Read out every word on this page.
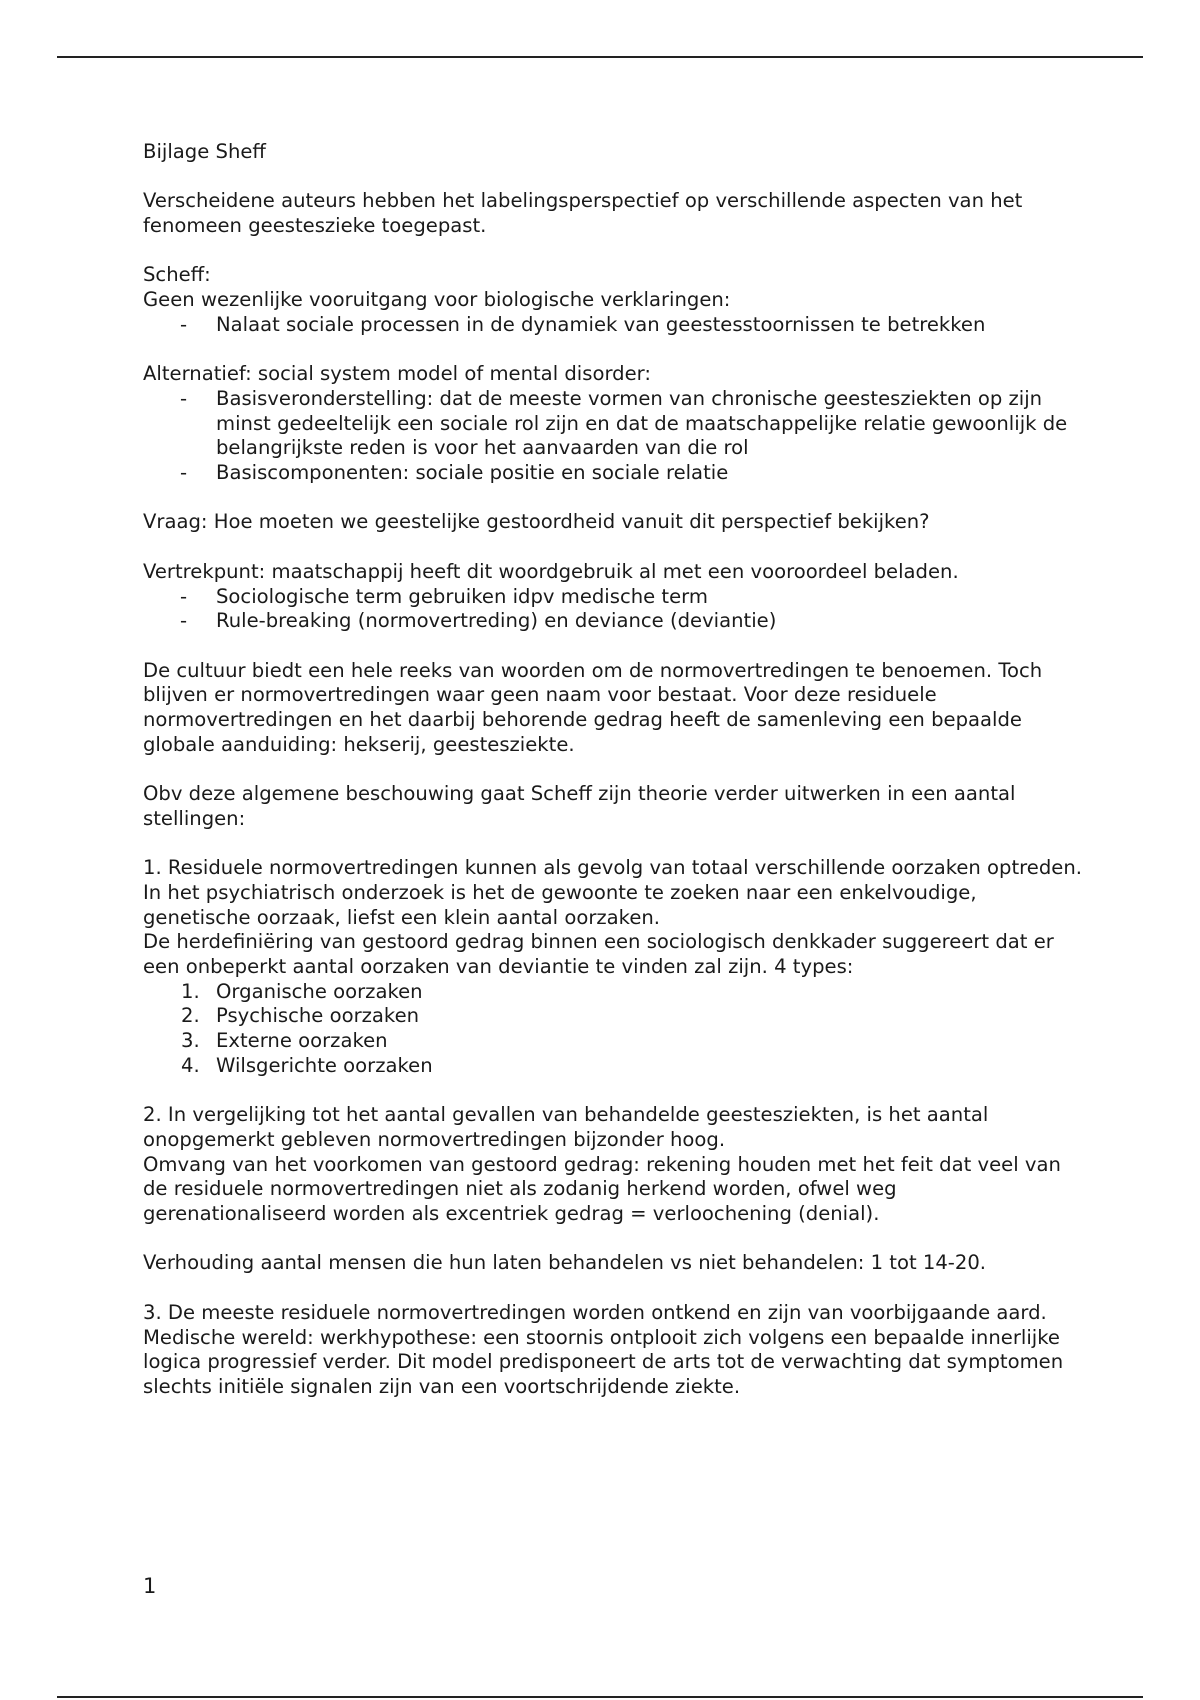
Bijlage Sheff

Verscheidene auteurs hebben het labelingsperspectief op verschillende aspecten van het fenomeen geesteszieke toegepast.

Scheff:

Geen wezenlijke vooruitgang voor biologische verklaringen:

- Nalaat sociale processen in de dynamiek van geestesstoornissen te betrekken

Alternatief: social system model of mental disorder:

- Basisveronderstelling: dat de meeste vormen van chronische geestesziekten op zijn minst gedeeltelijk een sociale rol zijn en dat de maatschappelijke relatie gewoonlijk de belangrijkste reden is voor het aanvaarden van die rol
- Basiscomponenten: sociale positie en sociale relatie

Vraag: Hoe moeten we geestelijke gestoordheid vanuit dit perspectief bekijken?

Vertrekpunt: maatschappij heeft dit woordgebruik al met een vooroordeel beladen.

- Sociologische term gebruiken idpv medische term
- Rule-breaking (normovertreding) en deviance (deviantie)

De cultuur biedt een hele reeks van woorden om de normovertredingen te benoemen. Toch blijven er normovertredingen waar geen naam voor bestaat. Voor deze residuele normovertredingen en het daarbij behorende gedrag heeft de samenleving een bepaalde globale aanduiding: hekserij, geestesziekte.

Obv deze algemene beschouwing gaat Scheff zijn theorie verder uitwerken in een aantal stellingen:

1. Residuele normovertredingen kunnen als gevolg van totaal verschillende oorzaken optreden.

In het psychiatrisch onderzoek is het de gewoonte te zoeken naar een enkelvoudige, genetische oorzaak, liefst een klein aantal oorzaken.

De herdefiniëring van gestoord gedrag binnen een sociologisch denkkader suggereert dat er een onbeperkt aantal oorzaken van deviantie te vinden zal zijn. 4 types:

1. Organische oorzaken
2. Psychische oorzaken
3. Externe oorzaken
4. Wilsgerichte oorzaken

2. In vergelijking tot het aantal gevallen van behandelde geestesziekten, is het aantal onopgemerkt gebleven normovertredingen bijzonder hoog.

Omvang van het voorkomen van gestoord gedrag: rekening houden met het feit dat veel van de residuele normovertredingen niet als zodanig herkend worden, ofwel weg gerenationaliseerd worden als excentriek gedrag = verloochening (denial).

Verhouding aantal mensen die hun laten behandelen vs niet behandelen: 1 tot 14-20.

3. De meeste residuele normovertredingen worden ontkend en zijn van voorbijgaande aard.

Medische wereld: werkhypothese: een stoornis ontplooit zich volgens een bepaalde innerlijke logica progressief verder. Dit model predisponeert de arts tot de verwachting dat symptomen slechts initiële signalen zijn van een voortschrijdende ziekte.

1
